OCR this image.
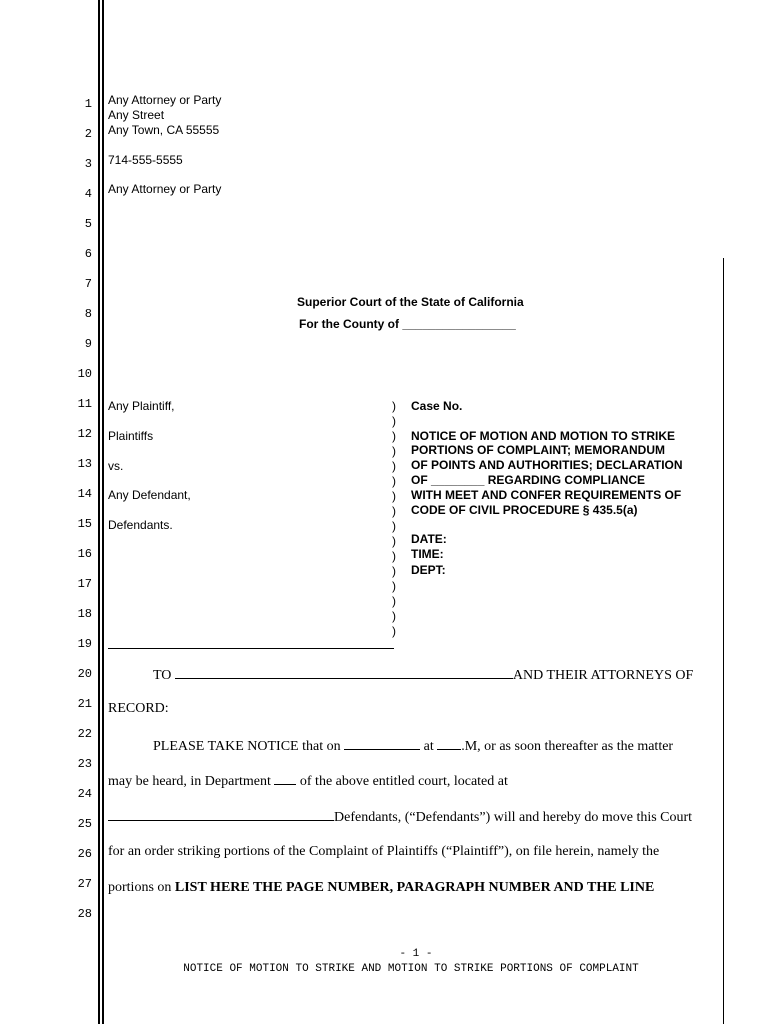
1
2
3
4
5
6
7
8
9
10
11
12
13
14
15
16
17
18
19
20
21
22
23
24
25
26
27
28
Any Attorney or Party
Any Street
Any Town, CA 55555
714-555-5555
Any Attorney or Party
Superior Court of the State of California
For the County of _________________
Any Plaintiff,
Plaintiffs
vs.
Any Defendant,
Defendants.
)
)
)
)
)
)
)
)
)
)
)
)
)
)
)
)
Case No.
NOTICE OF MOTION AND MOTION TO STRIKE
PORTIONS OF COMPLAINT; MEMORANDUM
OF POINTS AND AUTHORITIES; DECLARATION
OF ________ REGARDING COMPLIANCE
WITH MEET AND CONFER REQUIREMENTS OF
CODE OF CIVIL PROCEDURE § 435.5(a)
DATE:
TIME:
DEPT:
TO	AND THEIR ATTORNEYS OF
RECORD:
PLEASE TAKE NOTICE that on	at .M, or as soon thereafter as the matter
may be heard, in Department of the above entitled court, located at
Defendants, (“Defendants”) will and hereby do move this Court
for an order striking portions of the Complaint of Plaintiffs (“Plaintiff”), on file herein, namely the
portions on LIST HERE THE PAGE NUMBER, PARAGRAPH NUMBER AND THE LINE
- 1 -
NOTICE OF MOTION TO STRIKE AND MOTION TO STRIKE PORTIONS OF COMPLAINT
